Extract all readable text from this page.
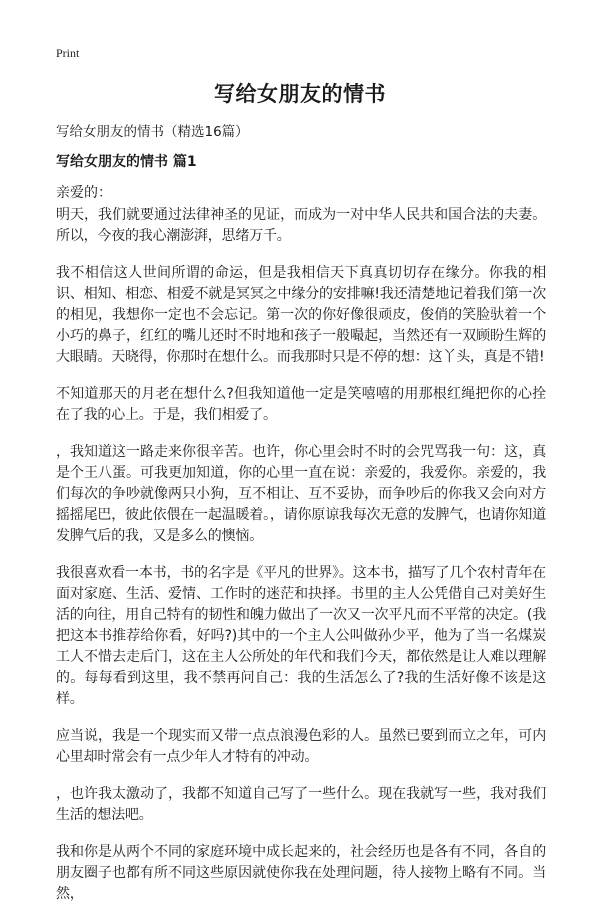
Print
写给女朋友的情书
写给女朋友的情书（精选16篇）
写给女朋友的情书 篇1
亲爱的：

明天，我们就要通过法律神圣的见证，而成为一对中华人民共和国合法的夫妻。所以，今夜的我心潮澎湃，思绪万千。

我不相信这人世间所谓的命运，但是我相信天下真真切切存在缘分。你我的相识、相知、相恋、相爱不就是冥冥之中缘分的安排嘛!我还清楚地记着我们第一次的相见，我想你一定也不会忘记。第一次的你好像很顽皮，俊俏的笑脸驮着一个小巧的鼻子，红红的嘴儿还时不时地和孩子一般嘬起，当然还有一双顾盼生辉的大眼睛。天晓得，你那时在想什么。而我那时只是不停的想：这丫头，真是不错!

不知道那天的月老在想什么?但我知道他一定是笑嘻嘻的用那根红绳把你的心拴在了我的心上。于是，我们相爱了。

，我知道这一路走来你很辛苦。也许，你心里会时不时的会咒骂我一句：这，真是个王八蛋。可我更加知道，你的心里一直在说：亲爱的，我爱你。亲爱的，我们每次的争吵就像两只小狗，互不相让、互不妥协，而争吵后的你我又会向对方摇摇尾巴，彼此依偎在一起温暖着。，请你原谅我每次无意的发脾气，也请你知道发脾气后的我，又是多么的懊恼。

我很喜欢看一本书，书的名字是《平凡的世界》。这本书，描写了几个农村青年在面对家庭、生活、爱情、工作时的迷茫和抉择。书里的主人公凭借自己对美好生活的向往，用自己特有的韧性和魄力做出了一次又一次平凡而不平常的决定。(我把这本书推荐给你看，好吗?)其中的一个主人公叫做孙少平，他为了当一名煤炭工人不惜去走后门，这在主人公所处的年代和我们今天，都依然是让人难以理解的。每每看到这里，我不禁再问自己：我的生活怎么了?我的生活好像不该是这样。

应当说，我是一个现实而又带一点点浪漫色彩的人。虽然已要到而立之年，可内心里却时常会有一点少年人才特有的冲动。

，也许我太激动了，我都不知道自己写了一些什么。现在我就写一些，我对我们生活的想法吧。

我和你是从两个不同的家庭环境中成长起来的，社会经历也是各有不同，各自的朋友圈子也都有所不同这些原因就使你我在处理问题，待人接物上略有不同。当然，
